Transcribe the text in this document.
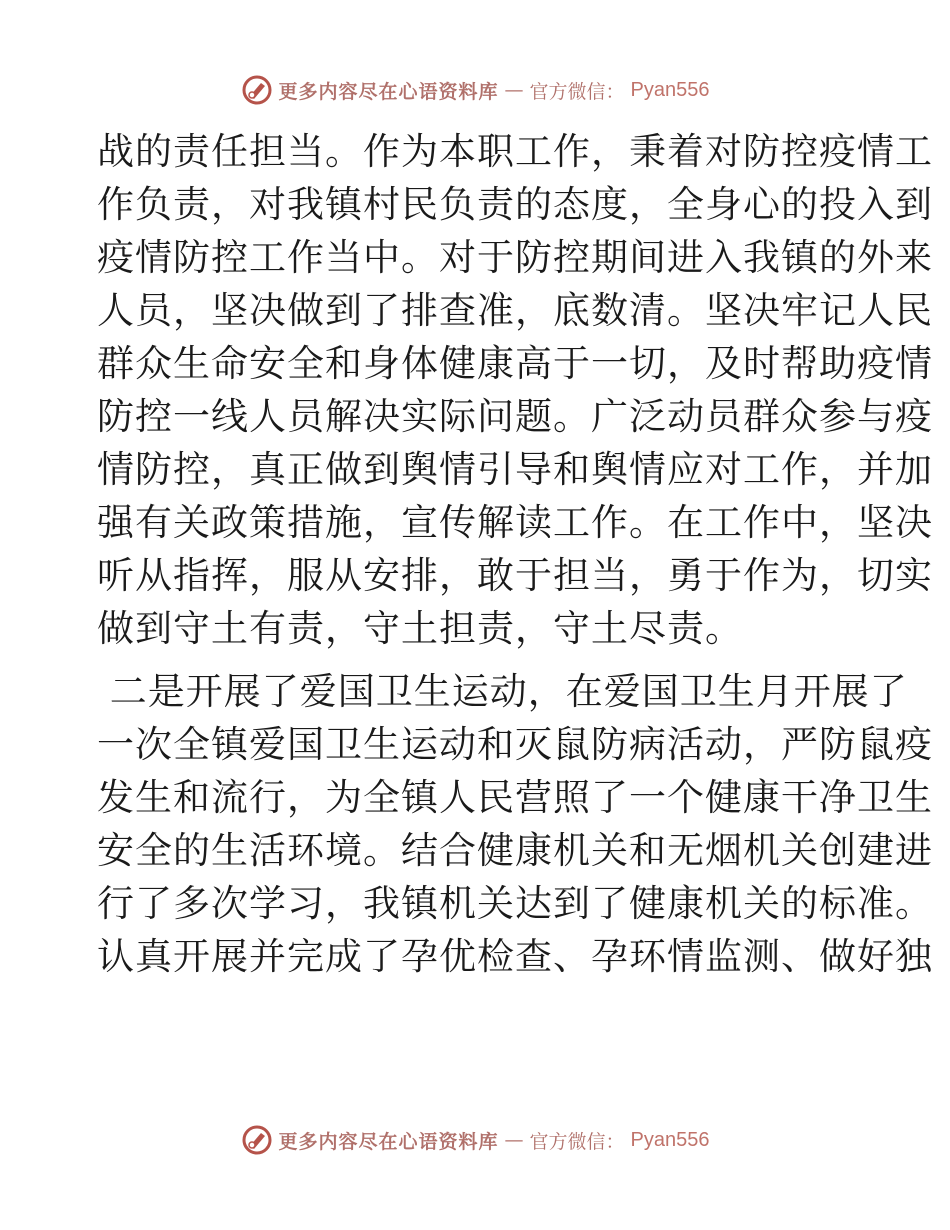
更多内容尽在心语资料库 — 官方微信： Pyan556

战的责任担当。作为本职工作，秉着对防控疫情工
作负责，对我镇村民负责的态度，全身心的投入到
疫情防控工作当中。对于防控期间进入我镇的外来
人员，坚决做到了排查准，底数清。坚决牢记人民
群众生命安全和身体健康高于一切，及时帮助疫情
防控一线人员解决实际问题。广泛动员群众参与疫
情防控，真正做到舆情引导和舆情应对工作，并加
强有关政策措施，宣传解读工作。在工作中，坚决
听从指挥，服从安排，敢于担当，勇于作为，切实
做到守土有责，守土担责，守土尽责。

二是开展了爱国卫生运动，在爱国卫生月开展了
一次全镇爱国卫生运动和灭鼠防病活动，严防鼠疫
发生和流行，为全镇人民营照了一个健康干净卫生
安全的生活环境。结合健康机关和无烟机关创建进
行了多次学习，我镇机关达到了健康机关的标准。
认真开展并完成了孕优检查、孕环情监测、做好独

更多内容尽在心语资料库 — 官方微信： Pyan556
